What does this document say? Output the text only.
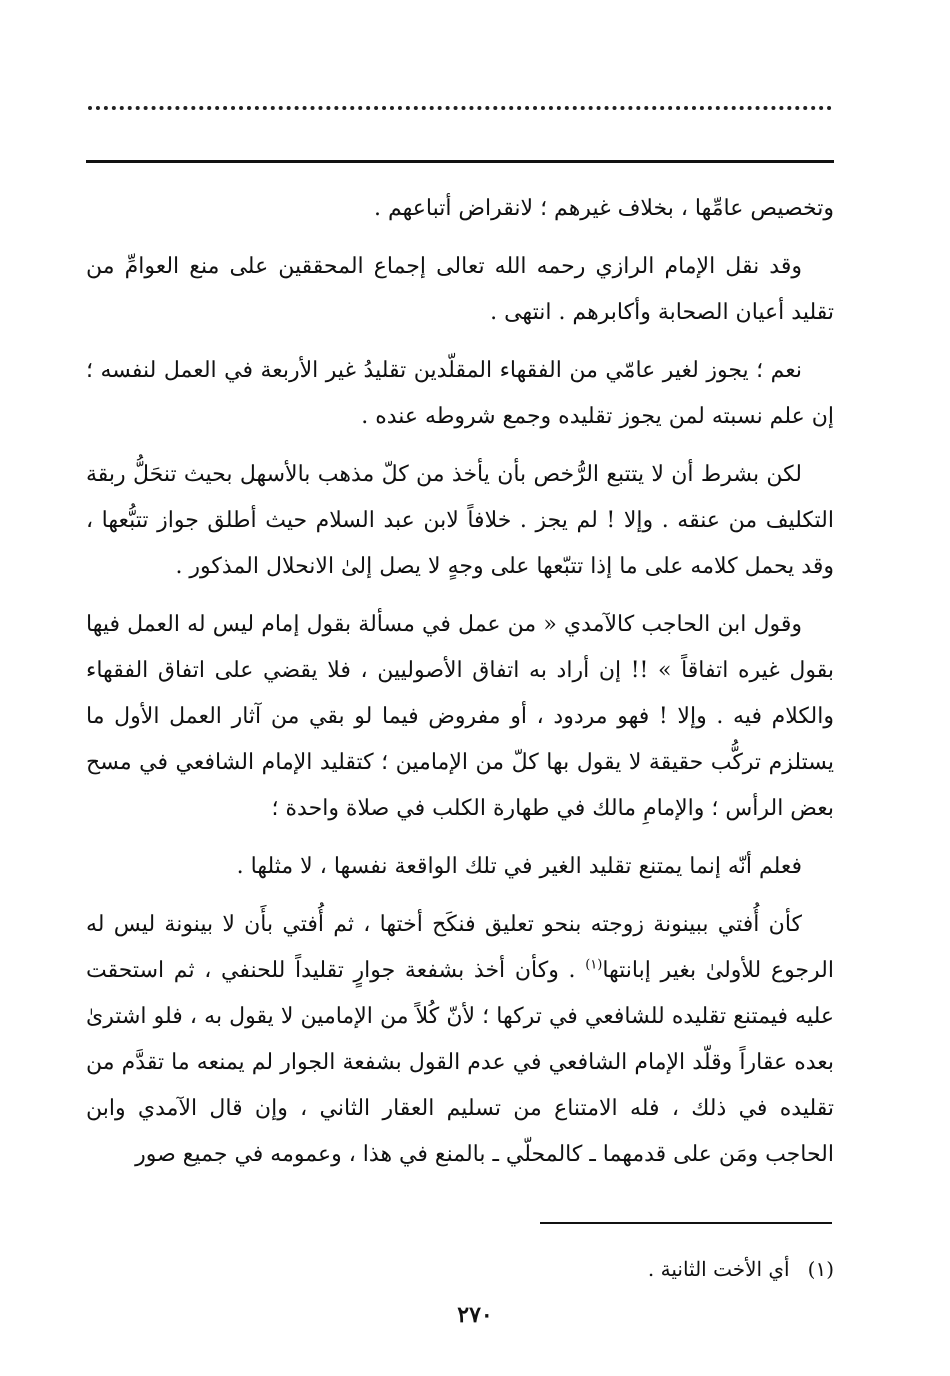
وتخصيص عامِّها ، بخلاف غيرهم ؛ لانقراض أتباعهم .

وقد نقل الإمام الرازي رحمه الله تعالى إجماع المحققين على منع العوامِّ من تقليد أعيان الصحابة وأكابرهم . انتهى .

نعم ؛ يجوز لغير عامّي من الفقهاء المقلّدين تقليدُ غير الأربعة في العمل لنفسه ؛ إن علم نسبته لمن يجوز تقليده وجمع شروطه عنده .

لكن بشرط أن لا يتتبع الرُّخص بأن يأخذ من كلّ مذهب بالأسهل بحيث تنحَلُّ ربقة التكليف من عنقه . وإلا ! لم يجز . خلافاً لابن عبد السلام حيث أطلق جواز تتبُّعها ، وقد يحمل كلامه على ما إذا تتبّعها على وجهٍ لا يصل إلىٰ الانحلال المذكور .

وقول ابن الحاجب كالآمدي « من عمل في مسألة بقول إمام ليس له العمل فيها بقول غيره اتفاقاً » !! إن أراد به اتفاق الأصوليين ، فلا يقضي على اتفاق الفقهاء والكلام فيه . وإلا ! فهو مردود ، أو مفروض فيما لو بقي من آثار العمل الأول ما يستلزم تركُّب حقيقة لا يقول بها كلّ من الإمامين ؛ كتقليد الإمام الشافعي في مسح بعض الرأس ؛ والإمامِ مالك في طهارة الكلب في صلاة واحدة ؛

فعلم أنّه إنما يمتنع تقليد الغير في تلك الواقعة نفسها ، لا مثلها .

كأن أُفتي ببينونة زوجته بنحو تعليق فنكَح أختها ، ثم أُفتي بأَن لا بينونة ليس له الرجوع للأولىٰ بغير إبانتها$^{(١)}$ . وكأن أخذ بشفعة جوارٍ تقليداً للحنفي ، ثم استحقت عليه فيمتنع تقليده للشافعي في تركها ؛ لأنّ كُلاً من الإمامين لا يقول به ، فلو اشترىٰ بعده عقاراً وقلّد الإمام الشافعي في عدم القول بشفعة الجوار لم يمنعه ما تقدَّم من تقليده في ذلك ، فله الامتناع من تسليم العقار الثاني ، وإن قال الآمدي وابن الحاجب ومَن على قدمهما ـ كالمحلّي ـ بالمنع في هذا ، وعمومه في جميع صور

(١)أي الأخت الثانية .
٢٧٠
